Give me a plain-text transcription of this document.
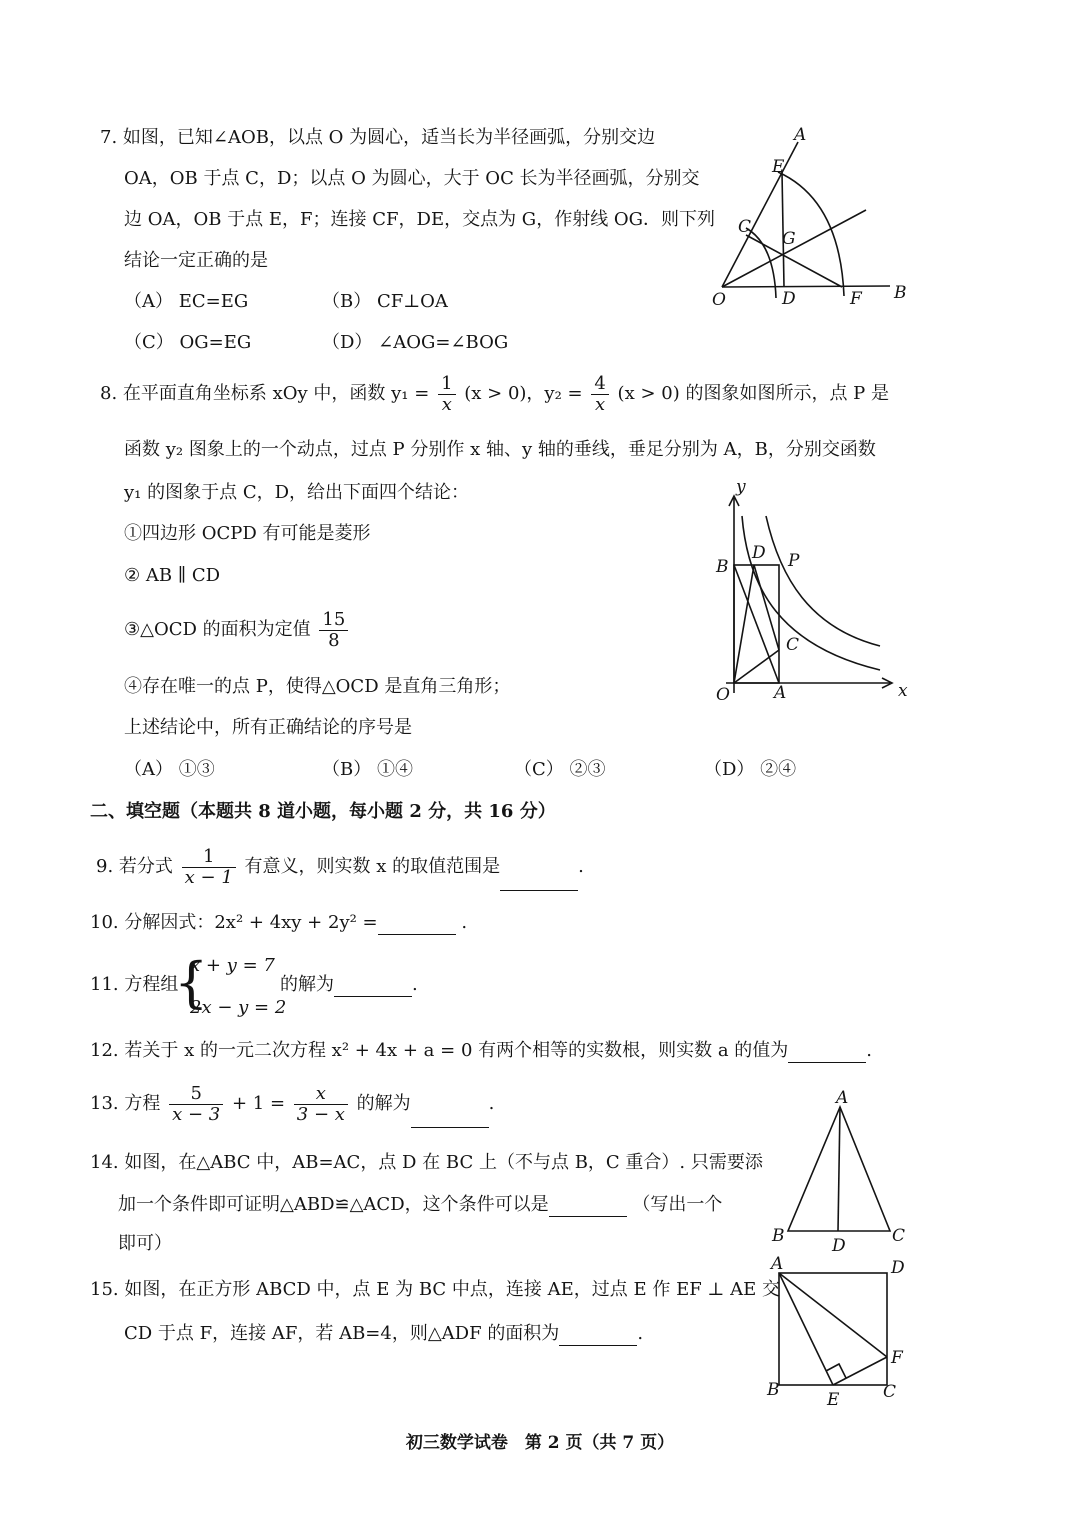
7. 如图，已知∠AOB，以点 O 为圆心，适当长为半径画弧，分别交边
OA，OB 于点 C，D；以点 O 为圆心，大于 OC 长为半径画弧，分别交
边 OA，OB 于点 E，F；连接 CF，DE，交点为 G，作射线 OG．则下列
结论一定正确的是
（A） EC=EG	（B） CF⊥OA
（C） OG=EG	（D） ∠AOG=∠BOG
A
E
C
G
O	D	F B
8. 在平面直角坐标系 xOy 中，函数 $y_1 = \frac{1}{x} (x > 0)$，$y_2 = \frac{4}{x} (x > 0)$ 的图象如图所示，点 P 是
函数 y₂ 图象上的一个动点，过点 P 分别作 x 轴、y 轴的垂线，垂足分别为 A，B，分别交函数
y₁ 的图象于点 C，D，给出下面四个结论：
①四边形 OCPD 有可能是菱形
② AB ∥ CD
③△OCD 的面积为定值 $\frac{15}{8}$
④存在唯一的点 P，使得△OCD 是直角三角形；
上述结论中，所有正确结论的序号是
（A） ①③	（B） ①④	（C） ②③	（D） ②④
y
x
O	A
B
D P
C
二、填空题（本题共 8 道小题，每小题 2 分，共 16 分）
9. 若分式 $\frac{1}{x - 1}$ 有意义，则实数 x 的取值范围是	.
10. 分解因式：2x² + 4xy + 2y² =	.
11. 方程组
{
x + y = 7
2x − y = 2
的解为	.
12. 若关于 x 的一元二次方程 x² + 4x + a = 0 有两个相等的实数根，则实数 a 的值为	.
13. 方程 $\frac{5}{x - 3} + 1 = \frac{x}{3 - x}$ 的解为	.
14. 如图，在△ABC 中，AB=AC，点 D 在 BC 上（不与点 B，C 重合）. 只需要添
加一个条件即可证明△ABD≌△ACD，这个条件可以是	（写出一个
即可）
A
B	D	C
15. 如图，在正方形 ABCD 中，点 E 为 BC 中点，连接 AE，过点 E 作 EF ⊥ AE 交
CD 于点 F，连接 AF，若 AB=4，则△ADF 的面积为	.
A	D
F
B	E	C
初三数学试卷　第 2 页（共 7 页）
